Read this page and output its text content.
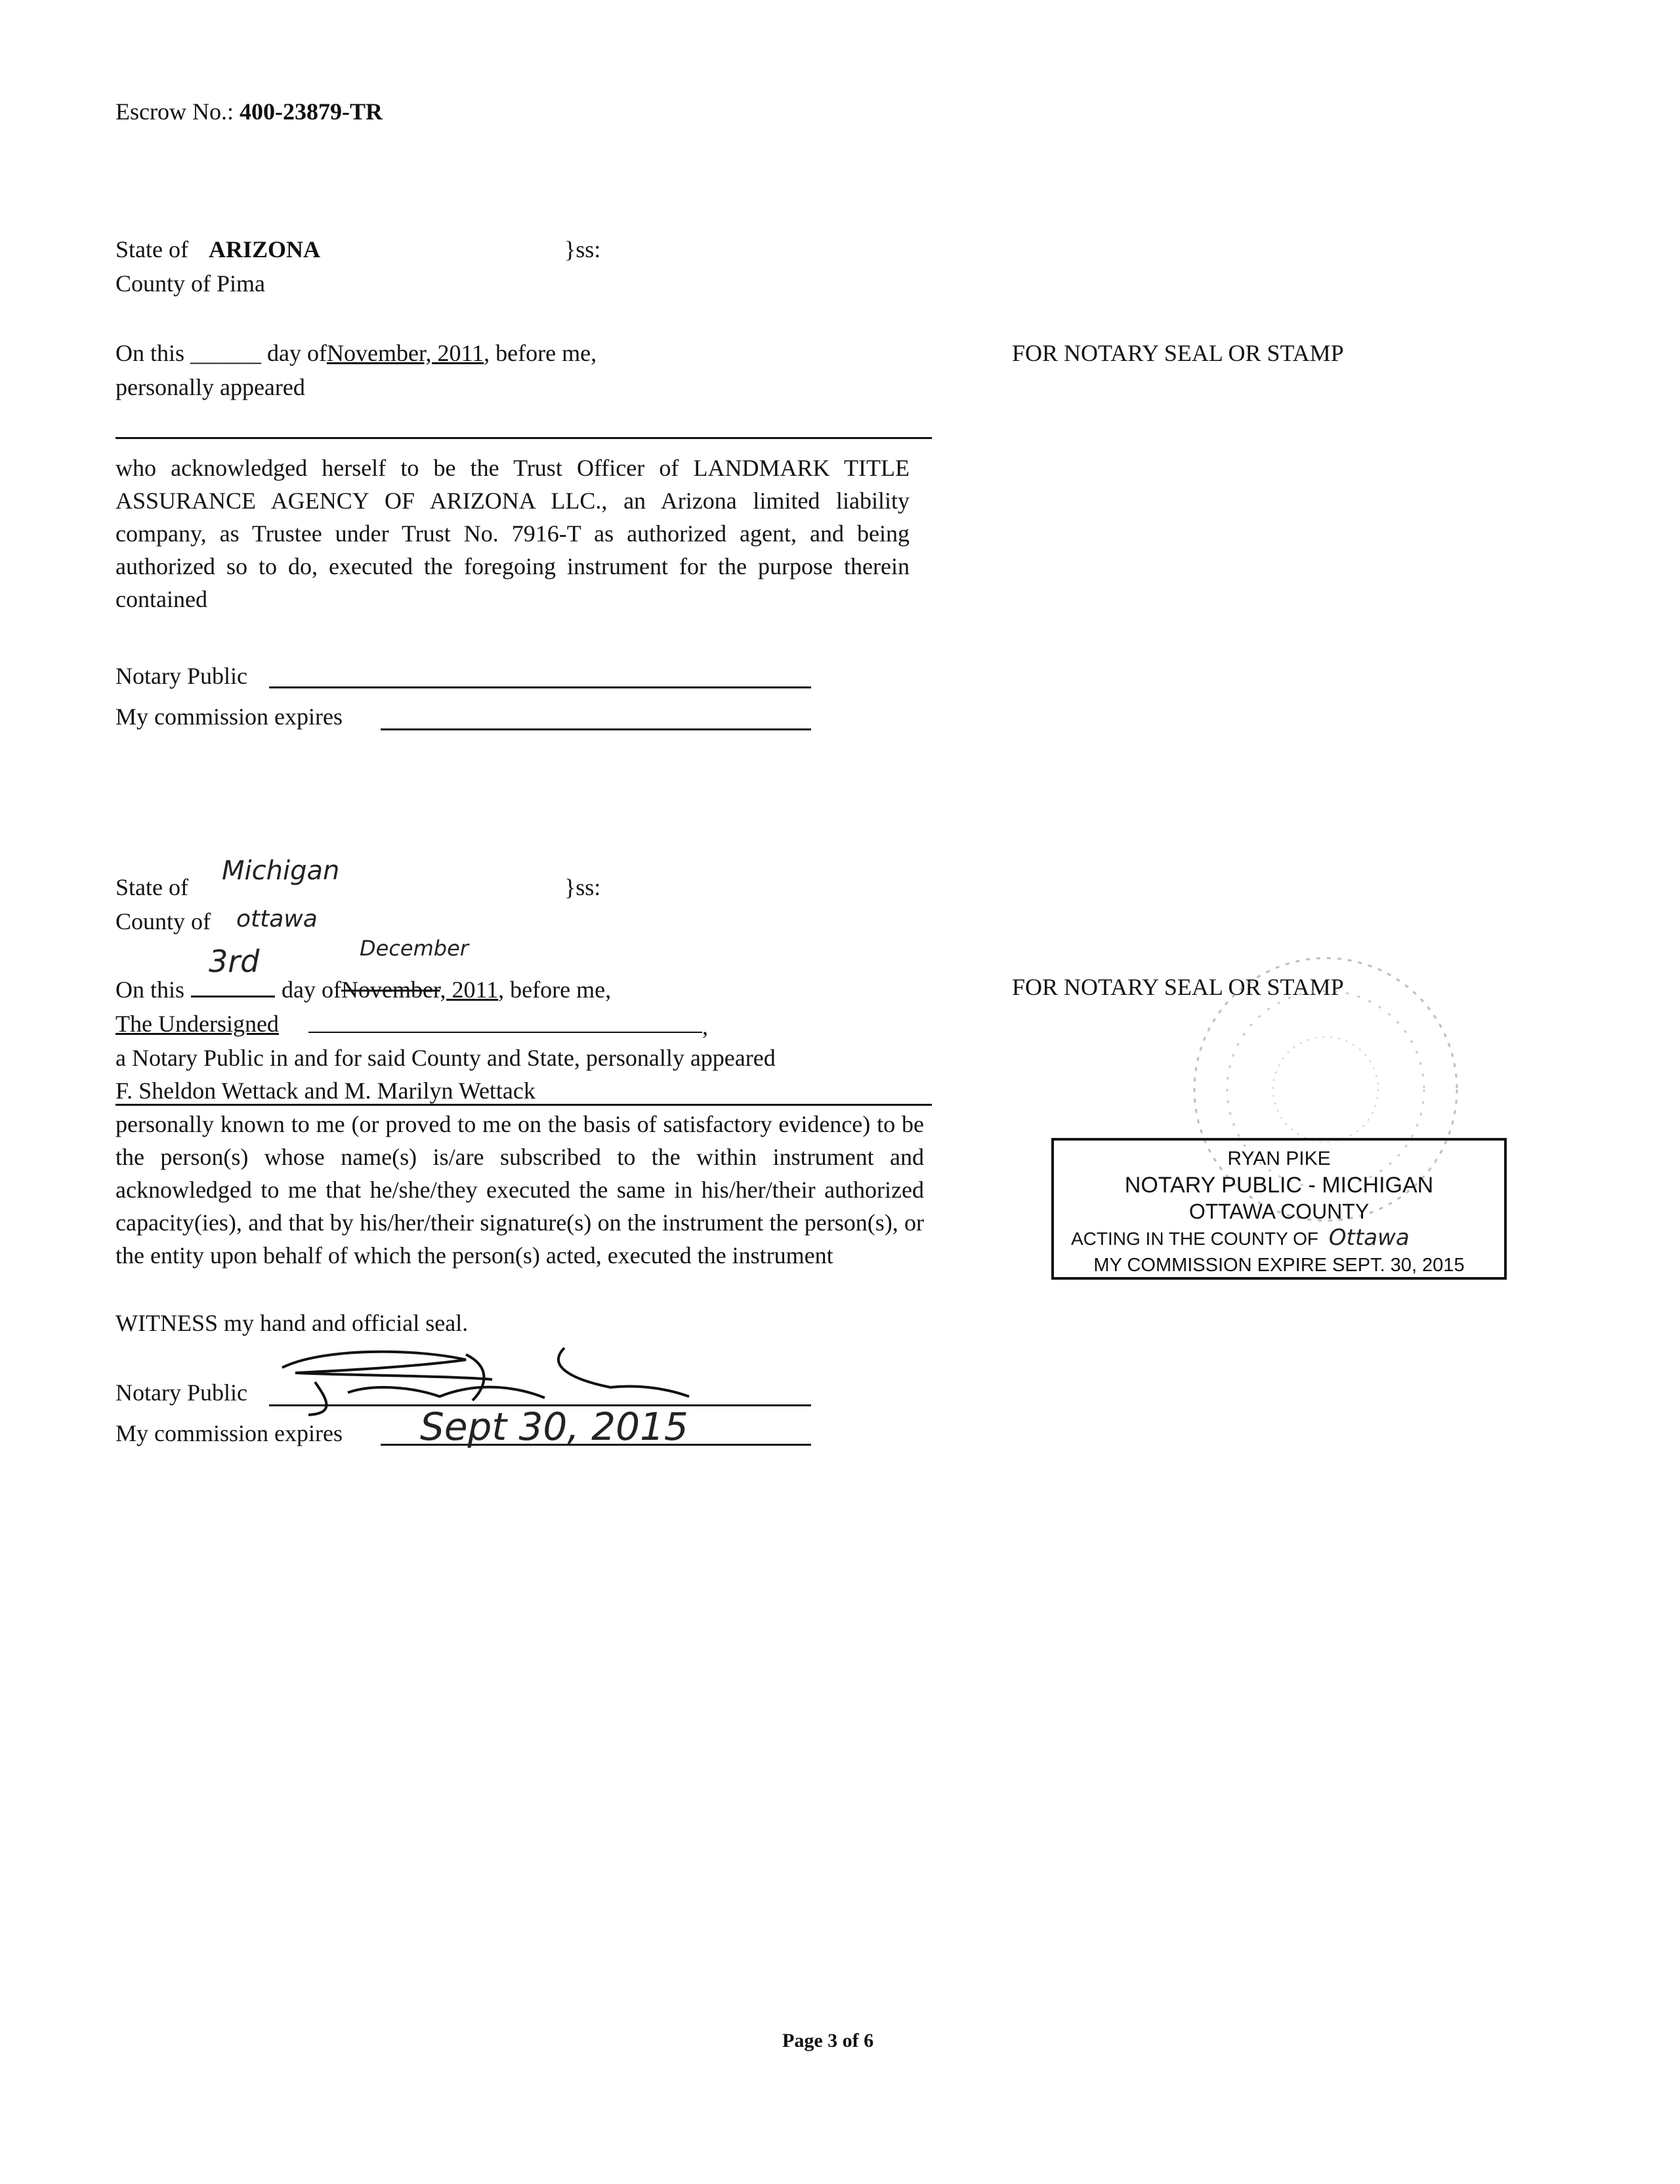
Escrow No.: 400-23879-TR
State of ARIZONA	}ss:
County of Pima
On this ______ day ofNovember, 2011, before me,
personally appeared
FOR NOTARY SEAL OR STAMP
who acknowledged herself to be the Trust Officer of LANDMARK TITLE ASSURANCE AGENCY OF ARIZONA LLC., an Arizona limited liability company, as Trustee under Trust No. 7916-T as authorized agent, and being authorized so to do, executed the foregoing instrument for the purpose therein contained
Notary Public
My commission expires
State of
Michigan
}ss:
County of ottawa
3rd	December
On this	day ofNovember, 2011, before me,
The Undersigned	,
a Notary Public in and for said County and State, personally appeared
F. Sheldon Wettack and M. Marilyn Wettack
personally known to me (or proved to me on the basis of satisfactory evidence) to be the person(s) whose name(s) is/are subscribed to the within instrument and acknowledged to me that he/she/they executed the same in his/her/their authorized capacity(ies), and that by his/her/their signature(s) on the instrument the person(s), or the entity upon behalf of which the person(s) acted, executed the instrument
WITNESS my hand and official seal.
Notary Public
My commission expires Sept 30, 2015
FOR NOTARY SEAL OR STAMP
RYAN PIKE
NOTARY PUBLIC - MICHIGAN
OTTAWA COUNTY
ACTING IN THE COUNTY OF Ottawa
MY COMMISSION EXPIRE SEPT. 30, 2015
Page 3 of 6
